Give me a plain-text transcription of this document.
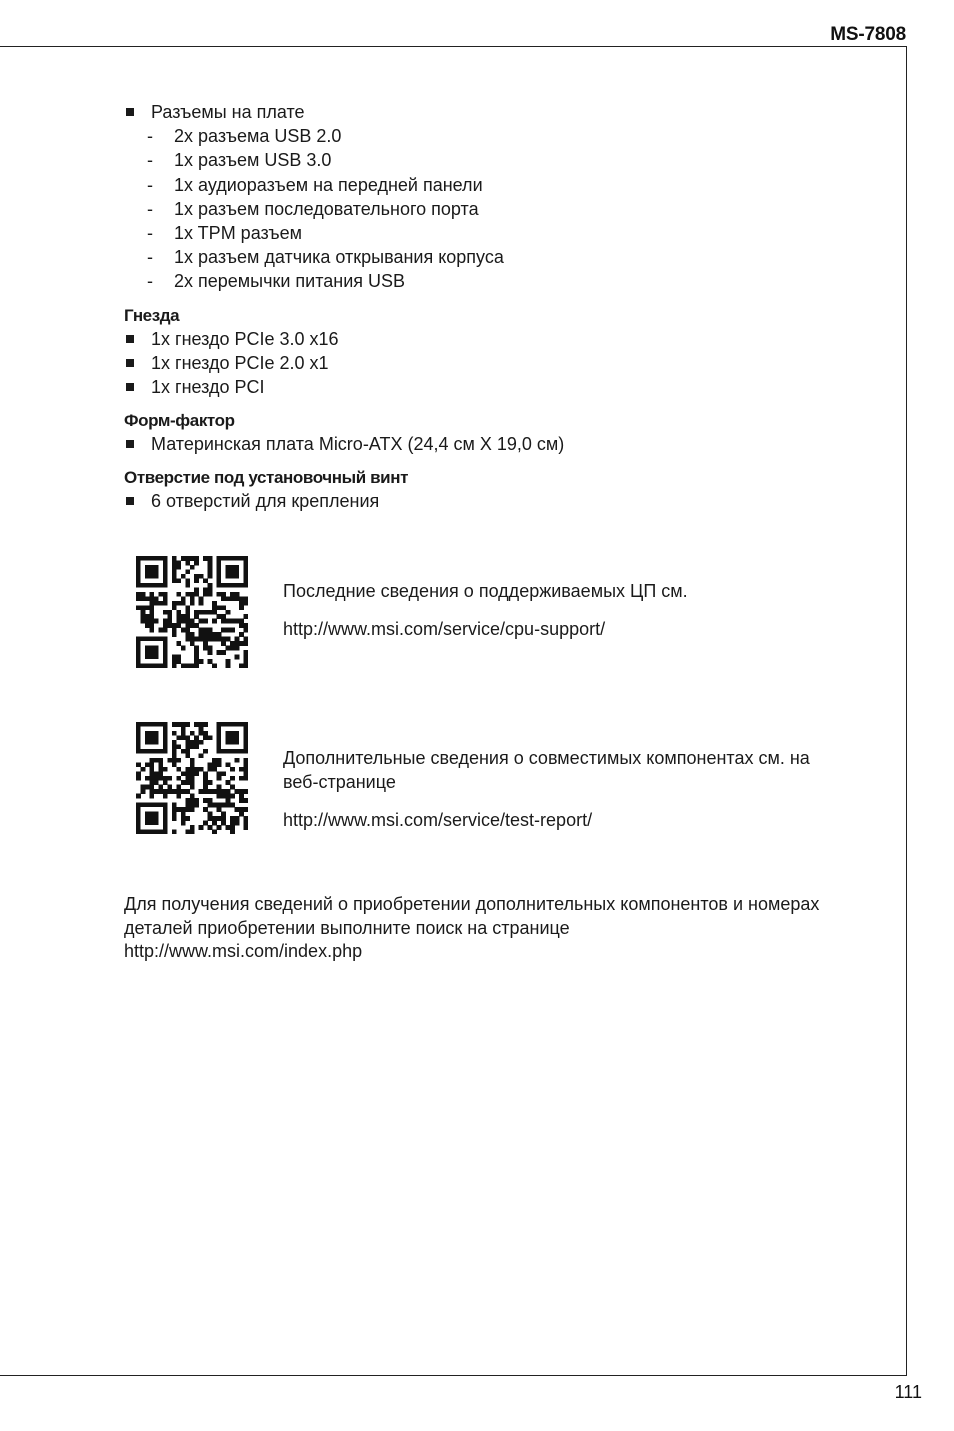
MS-7808
Разъемы на плате
- 2x разъема USB 2.0
- 1x разъем USB 3.0
- 1x аудиоразъем на передней панели
- 1x разъем последовательного порта
- 1x TPM разъем
- 1x разъем датчика открывания корпуса
- 2x перемычки питания USB
Гнезда
1x гнездо PCIe 3.0 x16
1x гнездо PCIe 2.0 x1
1x гнездо PCI
Форм-фактор
Материнская плата Micro-ATX (24,4 см X 19,0 см)
Отверстие под установочный винт
6 отверстий для крепления
Последние сведения о поддерживаемых ЦП см.
http://www.msi.com/service/cpu-support/
Дополнительные сведения о совместимых компонентах см. на веб-странице
http://www.msi.com/service/test-report/
Для получения сведений о приобретении дополнительных компонентов и номерах деталей приобретении выполните поиск на странице
http://www.msi.com/index.php
111
